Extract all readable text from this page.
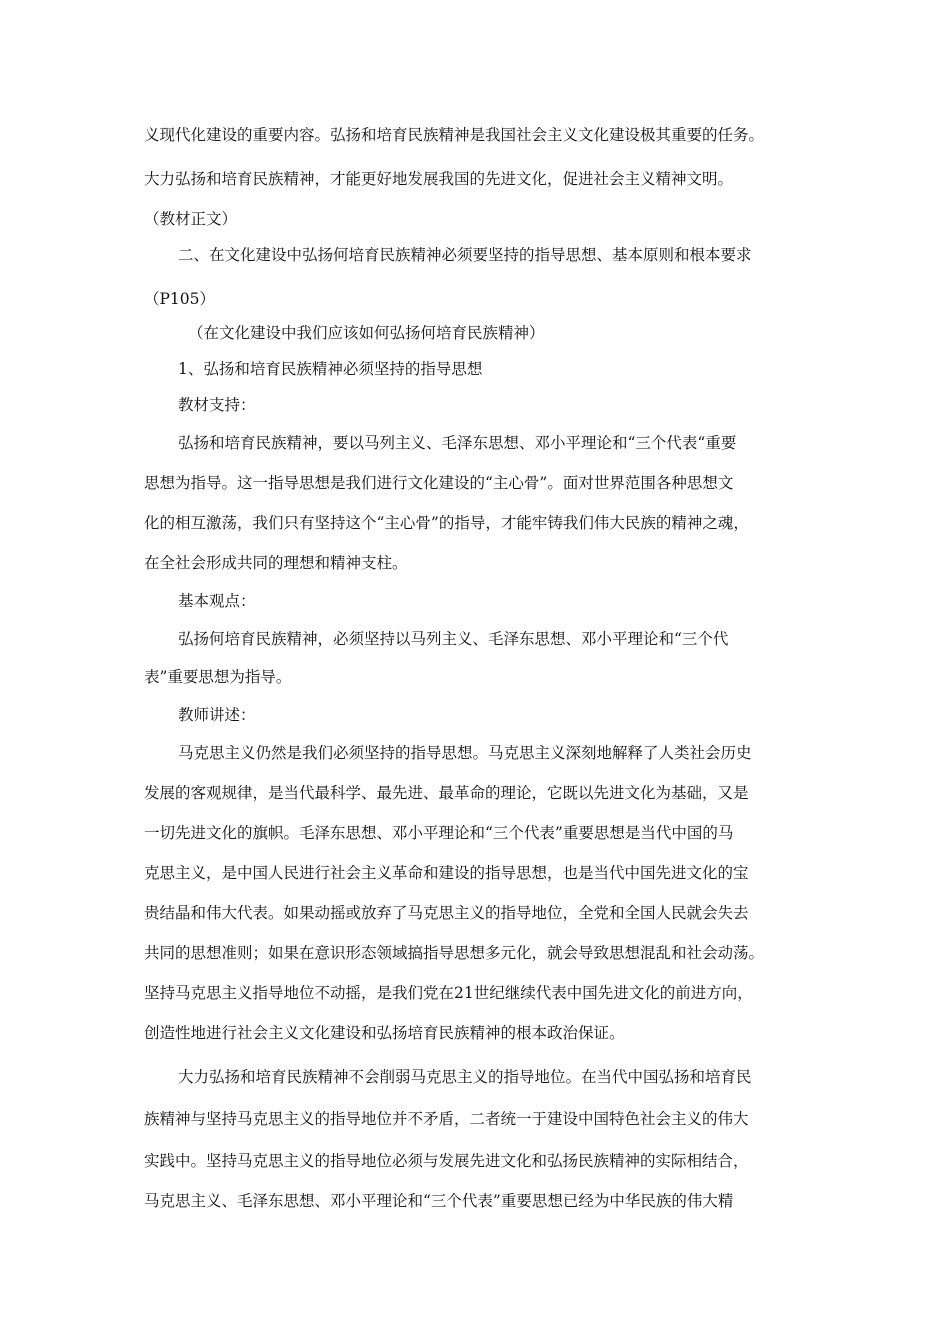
义现代化建设的重要内容。弘扬和培育民族精神是我国社会主义文化建设极其重要的任务。
大力弘扬和培育民族精神，才能更好地发展我国的先进文化，促进社会主义精神文明。
（教材正文）
二、在文化建设中弘扬何培育民族精神必须要坚持的指导思想、基本原则和根本要求
（P105）
（在文化建设中我们应该如何弘扬何培育民族精神）
1、弘扬和培育民族精神必须坚持的指导思想
教材支持：
弘扬和培育民族精神，要以马列主义、毛泽东思想、邓小平理论和“三个代表“重要
思想为指导。这一指导思想是我们进行文化建设的“主心骨”。面对世界范围各种思想文
化的相互激荡，我们只有坚持这个“主心骨”的指导，才能牢铸我们伟大民族的精神之魂，
在全社会形成共同的理想和精神支柱。
基本观点：
弘扬何培育民族精神，必须坚持以马列主义、毛泽东思想、邓小平理论和“三个代
表”重要思想为指导。
教师讲述：
马克思主义仍然是我们必须坚持的指导思想。马克思主义深刻地解释了人类社会历史
发展的客观规律，是当代最科学、最先进、最革命的理论，它既以先进文化为基础，又是
一切先进文化的旗帜。毛泽东思想、邓小平理论和“三个代表”重要思想是当代中国的马
克思主义，是中国人民进行社会主义革命和建设的指导思想，也是当代中国先进文化的宝
贵结晶和伟大代表。如果动摇或放弃了马克思主义的指导地位，全党和全国人民就会失去
共同的思想准则；如果在意识形态领域搞指导思想多元化，就会导致思想混乱和社会动荡。
坚持马克思主义指导地位不动摇，是我们党在21世纪继续代表中国先进文化的前进方向，
创造性地进行社会主义文化建设和弘扬培育民族精神的根本政治保证。
大力弘扬和培育民族精神不会削弱马克思主义的指导地位。在当代中国弘扬和培育民
族精神与坚持马克思主义的指导地位并不矛盾，二者统一于建设中国特色社会主义的伟大
实践中。坚持马克思主义的指导地位必须与发展先进文化和弘扬民族精神的实际相结合，
马克思主义、毛泽东思想、邓小平理论和“三个代表”重要思想已经为中华民族的伟大精
